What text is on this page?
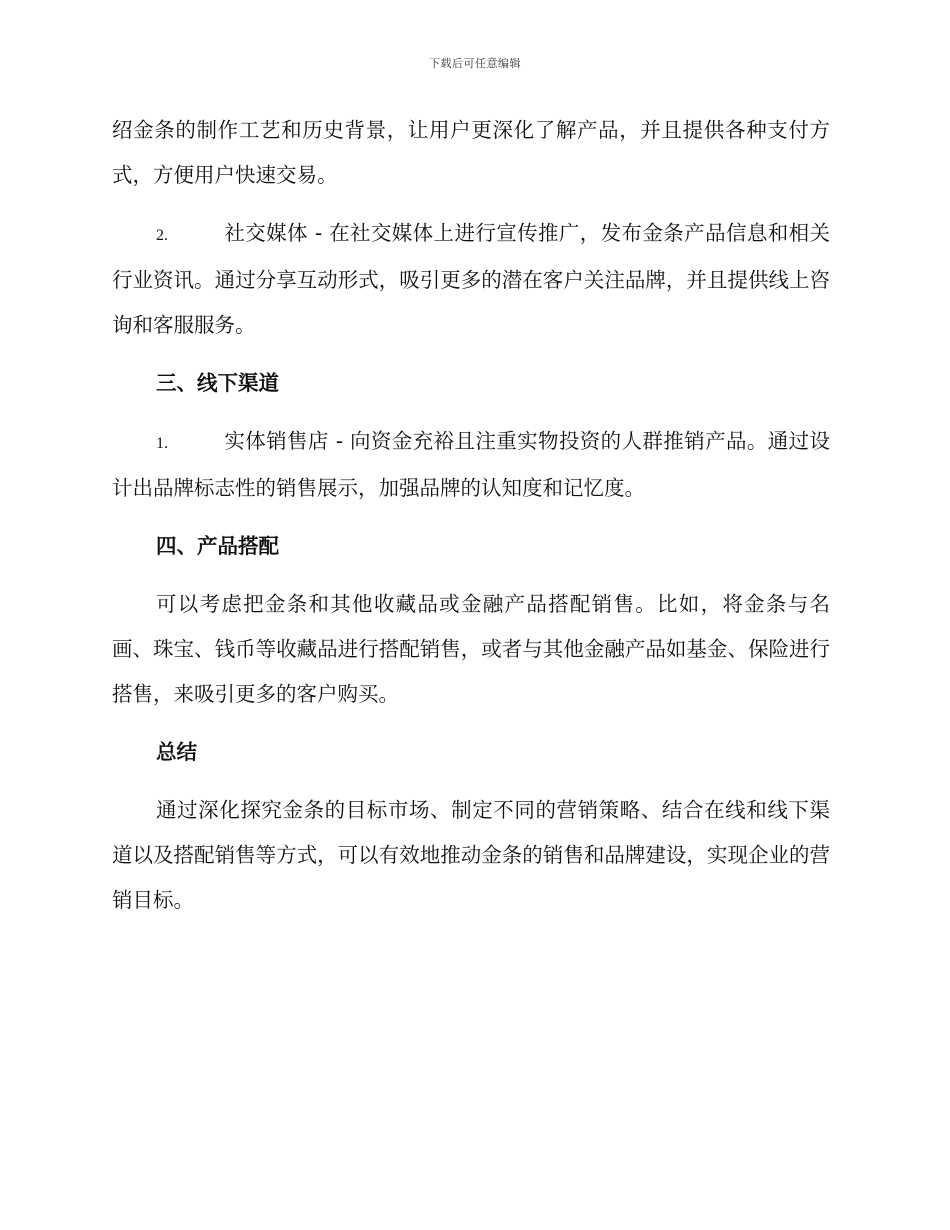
下载后可任意编辑

绍金条的制作工艺和历史背景，让用户更深化了解产品，并且提供各种支付方式，方便用户快速交易。

2.	社交媒体 - 在社交媒体上进行宣传推广，发布金条产品信息和相关行业资讯。通过分享互动形式，吸引更多的潜在客户关注品牌，并且提供线上咨询和客服服务。

三、线下渠道

1.	实体销售店 - 向资金充裕且注重实物投资的人群推销产品。通过设计出品牌标志性的销售展示，加强品牌的认知度和记忆度。

四、产品搭配

可以考虑把金条和其他收藏品或金融产品搭配销售。比如，将金条与名画、珠宝、钱币等收藏品进行搭配销售，或者与其他金融产品如基金、保险进行搭售，来吸引更多的客户购买。

总结

通过深化探究金条的目标市场、制定不同的营销策略、结合在线和线下渠道以及搭配销售等方式，可以有效地推动金条的销售和品牌建设，实现企业的营销目标。
